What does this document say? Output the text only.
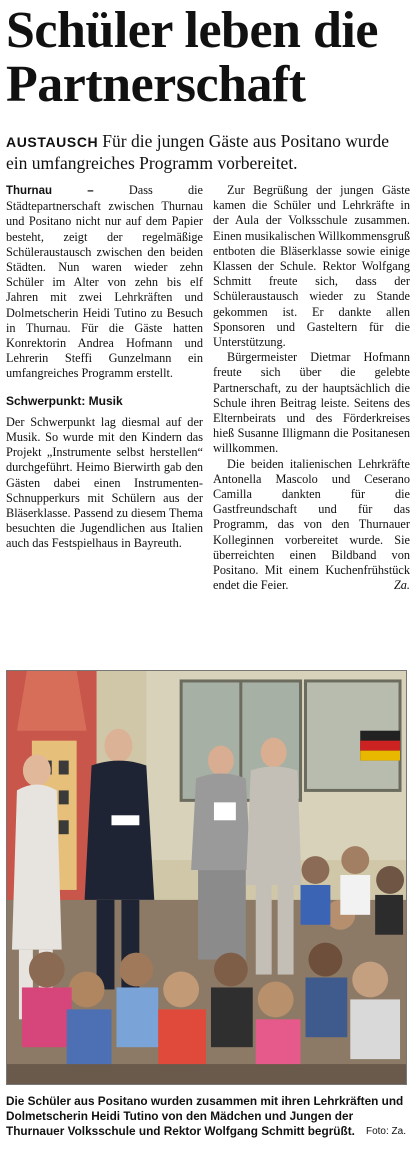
Schüler leben die Partnerschaft
AUSTAUSCH Für die jungen Gäste aus Positano wurde ein umfangreiches Programm vorbereitet.

Thurnau –	Dass die Städtepartnerschaft zwischen Thurnau und Positano nicht nur auf dem Papier besteht, zeigt der regelmäßige Schüleraustausch zwischen den beiden Städten. Nun waren wieder zehn Schüler im Alter von zehn bis elf Jahren mit zwei Lehrkräften und Dolmetscherin Heidi Tutino zu Besuch in Thurnau. Für die Gäste hatten Konrektorin Andrea Hofmann und Lehrerin Steffi Gunzelmann ein umfangreiches Programm erstellt.

Schwerpunkt: Musik

Der Schwerpunkt lag diesmal auf der Musik. So wurde mit den Kindern das Projekt „Instrumente selbst herstellen“ durchgeführt. Heimo Bierwirth gab den Gästen dabei einen Instrumenten-Schnupperkurs mit Schülern aus der Bläserklasse. Passend zu diesem Thema besuchten die Jugendlichen aus Italien auch das Festspielhaus in Bayreuth.

Zur Begrüßung der jungen Gäste kamen die Schüler und Lehrkräfte in der Aula der Volksschule zusammen. Einen musikalischen Willkommensgruß entboten die Bläserklasse sowie einige Klassen der Schule. Rektor Wolfgang Schmitt freute sich, dass der Schüleraustausch wieder zu Stande gekommen ist. Er dankte allen Sponsoren und Gasteltern für die Unterstützung.

Bürgermeister Dietmar Hofmann freute sich über die gelebte Partnerschaft, zu der hauptsächlich die Schule ihren Beitrag leiste. Seitens des Elternbeirats und des Förderkreises hieß Susanne Illigmann die Positanesen willkommen.

Die beiden italienischen Lehrkräfte Antonella Mascolo und Ceserano Camilla dankten für die Gastfreundschaft und für das Programm, das von den Thurnauer Kolleginnen vorbereitet wurde. Sie überreichten einen Bildband von Positano. Mit einem Kuchenfrühstück endet die Feier.	Za.

Die Schüler aus Positano wurden zusammen mit ihren Lehrkräften und Dolmetscherin Heidi Tutino von den Mädchen und Jungen der Thurnauer Volksschule und Rektor Wolfgang Schmitt begrüßt.	Foto: Za.
